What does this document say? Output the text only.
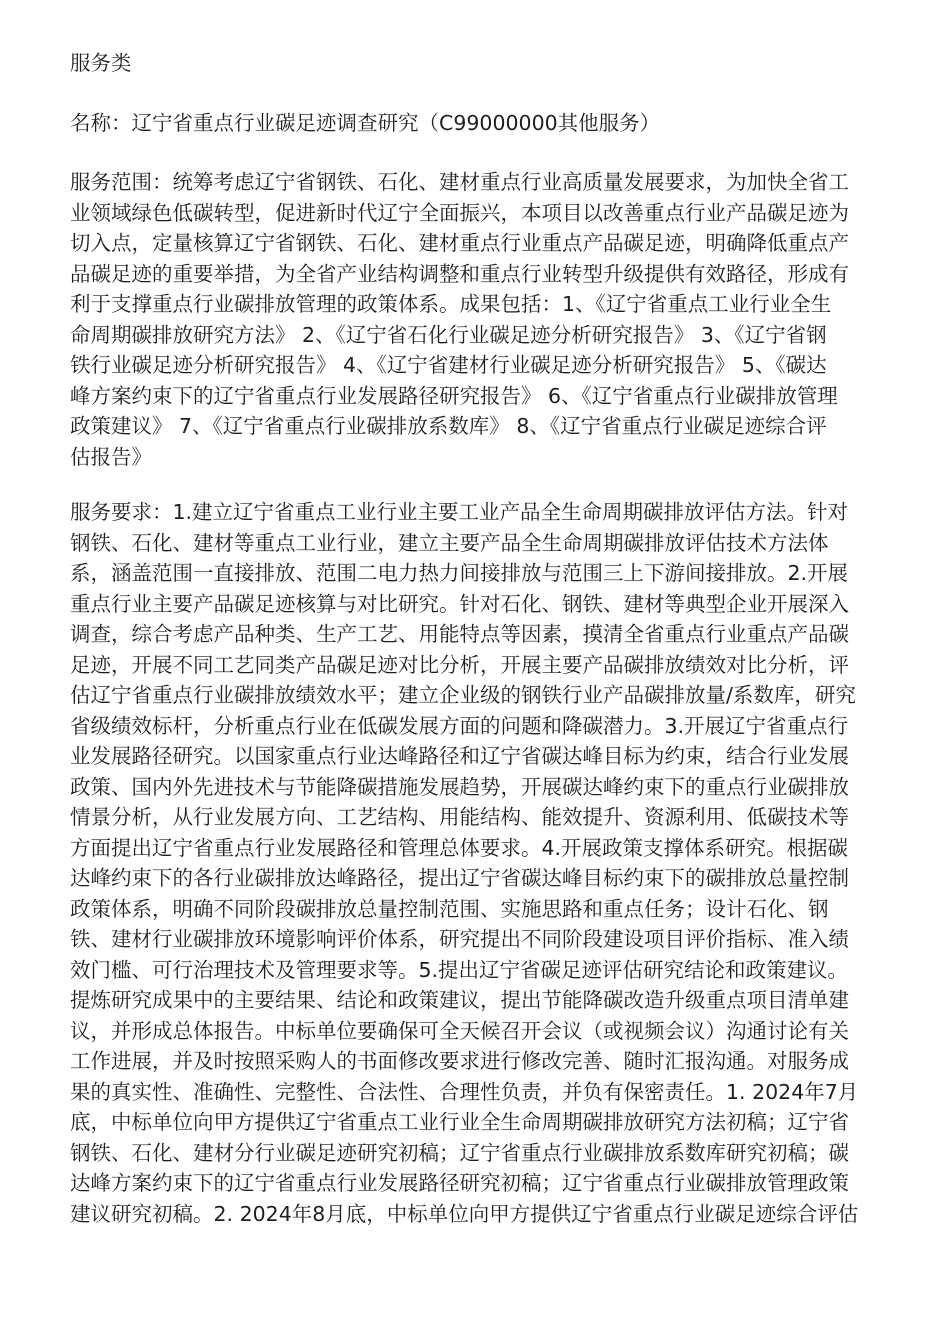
服务类

名称：辽宁省重点行业碳足迹调查研究（C99000000其他服务）

服务范围：统筹考虑辽宁省钢铁、石化、建材重点行业高质量发展要求，为加快全省工

业领域绿色低碳转型，促进新时代辽宁全面振兴，本项目以改善重点行业产品碳足迹为

切入点，定量核算辽宁省钢铁、石化、建材重点行业重点产品碳足迹，明确降低重点产

品碳足迹的重要举措，为全省产业结构调整和重点行业转型升级提供有效路径，形成有

利于支撑重点行业碳排放管理的政策体系。成果包括：1、《辽宁省重点工业行业全生

命周期碳排放研究方法》 2、《辽宁省石化行业碳足迹分析研究报告》 3、《辽宁省钢

铁行业碳足迹分析研究报告》 4、《辽宁省建材行业碳足迹分析研究报告》 5、《碳达

峰方案约束下的辽宁省重点行业发展路径研究报告》 6、《辽宁省重点行业碳排放管理

政策建议》 7、《辽宁省重点行业碳排放系数库》 8、《辽宁省重点行业碳足迹综合评

估报告》

服务要求：1.建立辽宁省重点工业行业主要工业产品全生命周期碳排放评估方法。针对

钢铁、石化、建材等重点工业行业，建立主要产品全生命周期碳排放评估技术方法体

系，涵盖范围一直接排放、范围二电力热力间接排放与范围三上下游间接排放。2.开展

重点行业主要产品碳足迹核算与对比研究。针对石化、钢铁、建材等典型企业开展深入

调查，综合考虑产品种类、生产工艺、用能特点等因素，摸清全省重点行业重点产品碳

足迹，开展不同工艺同类产品碳足迹对比分析，开展主要产品碳排放绩效对比分析，评

估辽宁省重点行业碳排放绩效水平；建立企业级的钢铁行业产品碳排放量/系数库，研究

省级绩效标杆，分析重点行业在低碳发展方面的问题和降碳潜力。3.开展辽宁省重点行

业发展路径研究。以国家重点行业达峰路径和辽宁省碳达峰目标为约束，结合行业发展

政策、国内外先进技术与节能降碳措施发展趋势，开展碳达峰约束下的重点行业碳排放

情景分析，从行业发展方向、工艺结构、用能结构、能效提升、资源利用、低碳技术等

方面提出辽宁省重点行业发展路径和管理总体要求。4.开展政策支撑体系研究。根据碳

达峰约束下的各行业碳排放达峰路径，提出辽宁省碳达峰目标约束下的碳排放总量控制

政策体系，明确不同阶段碳排放总量控制范围、实施思路和重点任务；设计石化、钢

铁、建材行业碳排放环境影响评价体系，研究提出不同阶段建设项目评价指标、准入绩

效门槛、可行治理技术及管理要求等。5.提出辽宁省碳足迹评估研究结论和政策建议。

提炼研究成果中的主要结果、结论和政策建议，提出节能降碳改造升级重点项目清单建

议，并形成总体报告。中标单位要确保可全天候召开会议（或视频会议）沟通讨论有关

工作进展，并及时按照采购人的书面修改要求进行修改完善、随时汇报沟通。对服务成

果的真实性、准确性、完整性、合法性、合理性负责，并负有保密责任。1. 2024年7月

底，中标单位向甲方提供辽宁省重点工业行业全生命周期碳排放研究方法初稿；辽宁省

钢铁、石化、建材分行业碳足迹研究初稿；辽宁省重点行业碳排放系数库研究初稿；碳

达峰方案约束下的辽宁省重点行业发展路径研究初稿；辽宁省重点行业碳排放管理政策

建议研究初稿。2. 2024年8月底，中标单位向甲方提供辽宁省重点行业碳足迹综合评估
